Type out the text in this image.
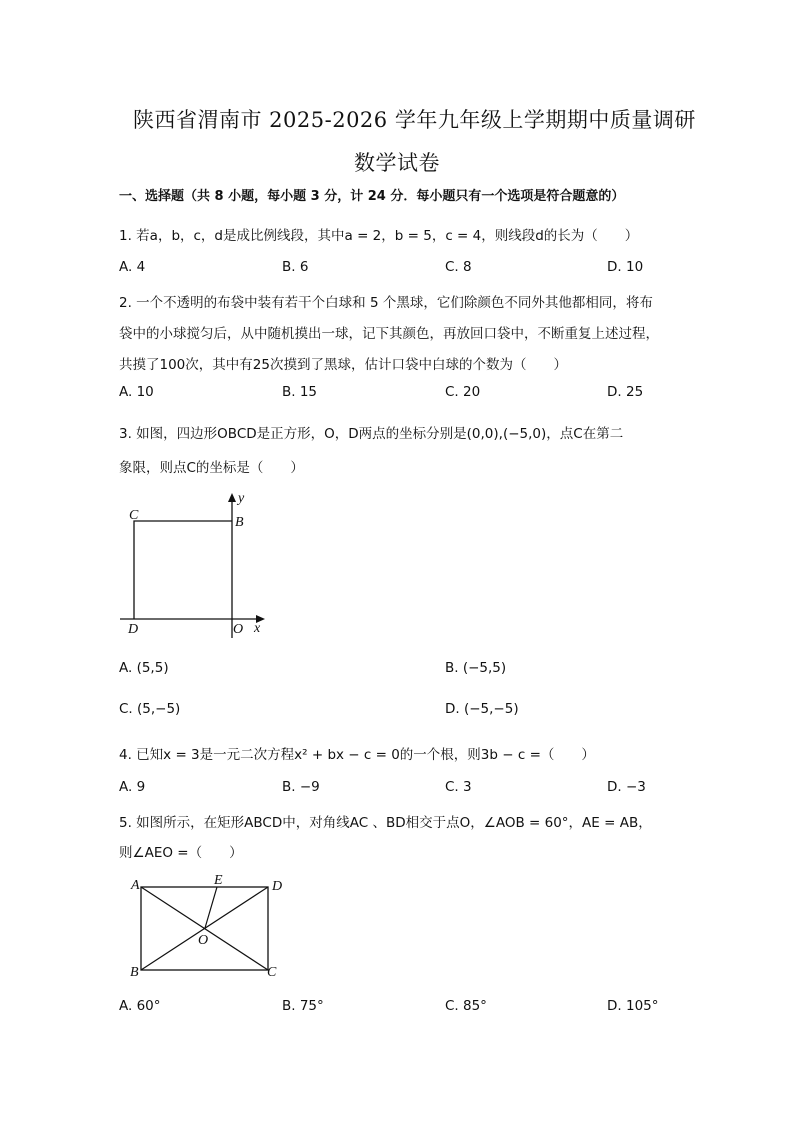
陕西省渭南市 2025-2026 学年九年级上学期期中质量调研
数学试卷
一、选择题（共 8 小题，每小题 3 分，计 24 分．每小题只有一个选项是符合题意的）
1. 若a，b，c，d是成比例线段，其中a = 2，b = 5，c = 4，则线段d的长为（　　）
A. 4	B. 6	C. 8	D. 10
2. 一个不透明的布袋中装有若干个白球和 5 个黑球，它们除颜色不同外其他都相同，将布
袋中的小球搅匀后，从中随机摸出一球，记下其颜色，再放回口袋中，不断重复上述过程，
共摸了100次，其中有25次摸到了黑球，估计口袋中白球的个数为（　　）
A. 10	B. 15	C. 20	D. 25
3. 如图，四边形OBCD是正方形，O，D两点的坐标分别是(0,0),(−5,0)，点C在第二
象限，则点C的坐标是（　　）
C	B
D	O x
y
A. (5,5)	B. (−5,5)
C. (5,−5)	D. (−5,−5)
4. 已知x = 3是一元二次方程x² + bx − c = 0的一个根，则3b − c =（　　）
A. 9	B. −9	C. 3	D. −3
5. 如图所示，在矩形ABCD中，对角线AC 、BD相交于点O，∠AOB = 60°，AE = AB，
则∠AEO =（　　）
A	E	D
O
B	C
A. 60°	B. 75°	C. 85°	D. 105°
